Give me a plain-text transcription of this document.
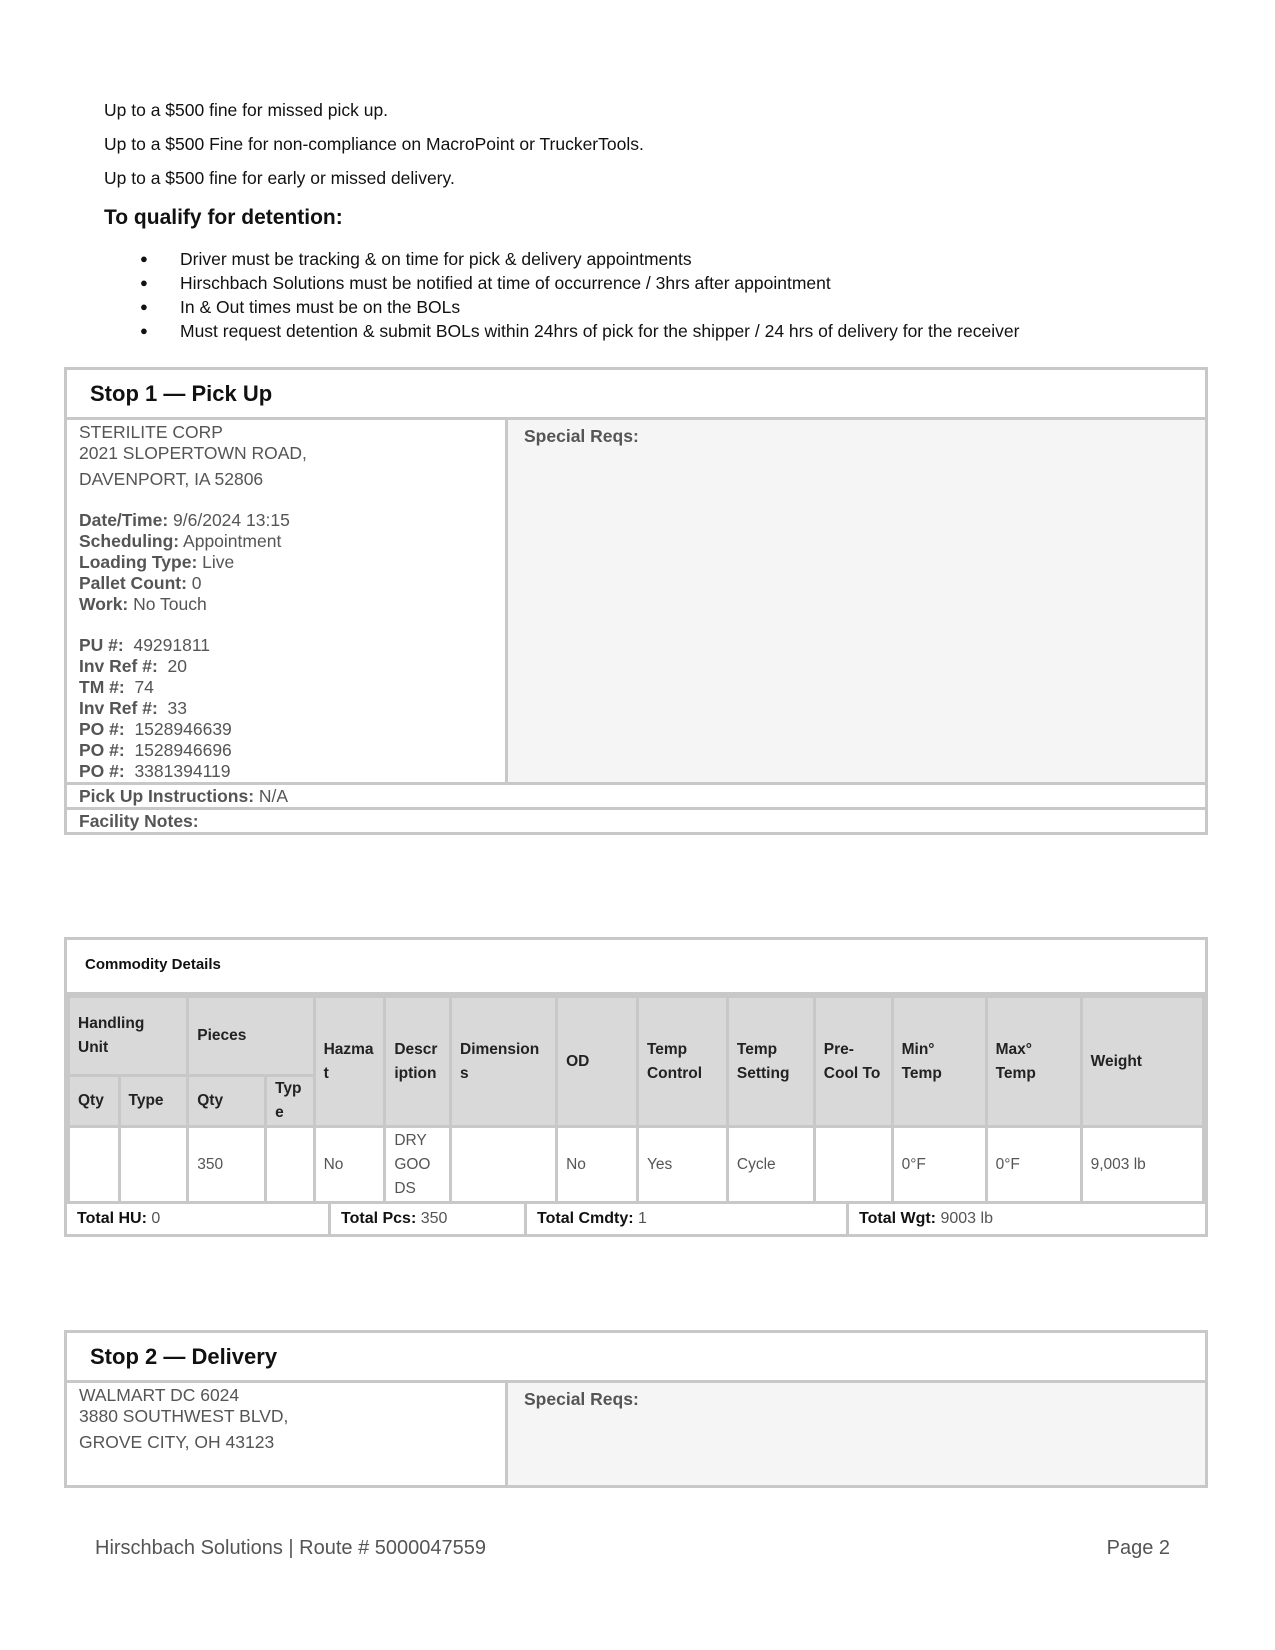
Up to a $500 fine for missed pick up.

Up to a $500 Fine for non-compliance on MacroPoint or TruckerTools.

Up to a $500 fine for early or missed delivery.

To qualify for detention:
● Driver must be tracking & on time for pick & delivery appointments
● Hirschbach Solutions must be notified at time of occurrence / 3hrs after appointment
● In & Out times must be on the BOLs
● Must request detention & submit BOLs within 24hrs of pick for the shipper / 24 hrs of delivery for the receiver
Stop 1 — Pick Up

STERILITE CORP

2021 SLOPERTOWN ROAD,

DAVENPORT, IA 52806

Date/Time: 9/6/2024 13:15

Scheduling: Appointment

Loading Type: Live

Pallet Count: 0

Work: No Touch

PU #: 49291811

Inv Ref #: 20

TM #: 74

Inv Ref #: 33

PO #: 1528946639

PO #: 1528946696

PO #: 3381394119

Special Reqs:
Pick Up Instructions: N/A
Facility Notes:
Commodity Details
Handling Unit		Pieces		Hazmat	Description	Dimensions	OD	Temp Control	Temp Setting	Pre-Cool To	Min° Temp	Max° Temp	Weight
Qty	Type	Qty	Type										
		350		No	DRY GOODS		No	Yes	Cycle		0°F	0°F	9,003 lb
Total HU: 0	Total Pcs: 350	Total Cmdty: 1	Total Wgt: 9003 lb
Stop 2 — Delivery

WALMART DC 6024

3880 SOUTHWEST BLVD,

GROVE CITY, OH 43123

Special Reqs:
Hirschbach Solutions | Route # 5000047559	Page 2
